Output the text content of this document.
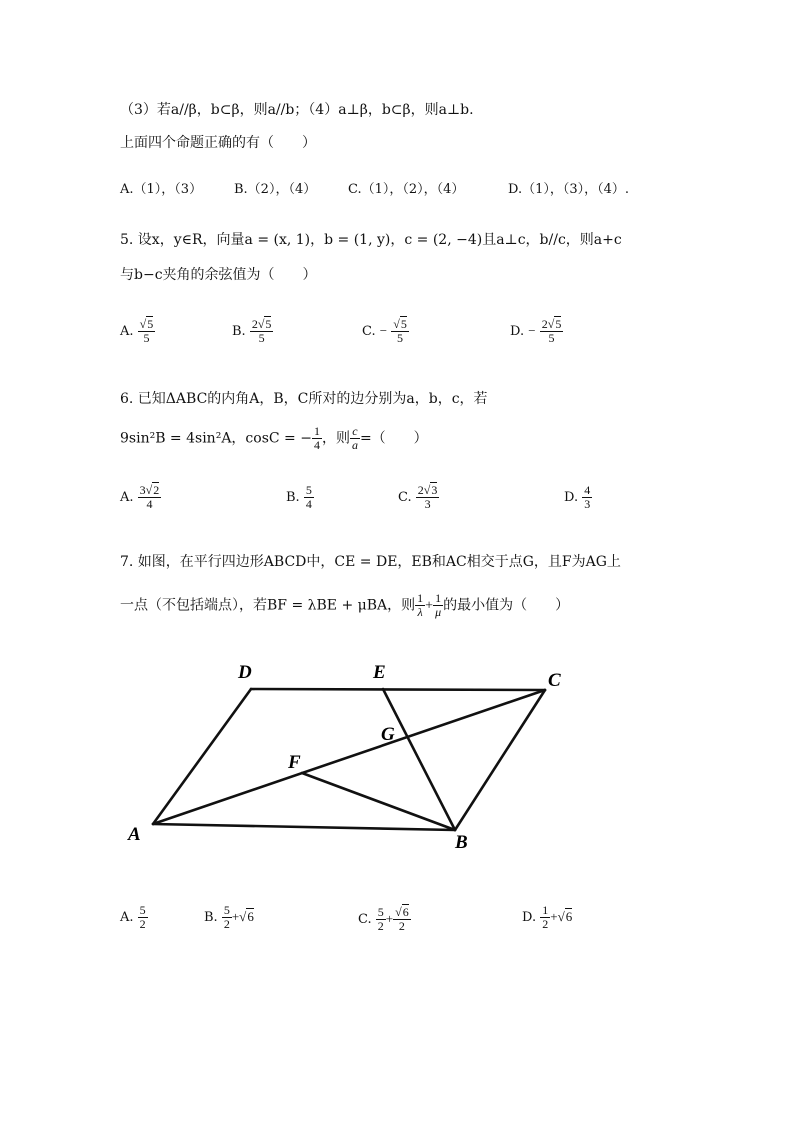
（3）若a//β，b⊂β，则a//b；（4）a⊥β，b⊂β，则a⊥b.
上面四个命题正确的有（　　）
A.（1），（3） B.（2），（4） C.（1），（2），（4）	D.（1），（3），（4）.
5. 设x，y∈R，向量a = (x, 1)，b = (1, y)，c = (2, −4)且a⊥c，b//c，则a+c
与b−c夹角的余弦值为（　　）
A. $\frac{√5}{5}$	B. $\frac{2√5}{5}$	C. − $\frac{√5}{5}$	D. − $\frac{2√5}{5}$
6. 已知ΔABC的内角A，B，C所对的边分别为a，b，c，若
9sin²B = 4sin²A，cosC = − $\frac{1}{4}$ ，则 $\frac{c}{a}$ =（　　）
A. $\frac{3√2}{4}$	B. $\frac{5}{4}$	C. $\frac{2√3}{3}$	D. $\frac{4}{3}$
7. 如图，在平行四边形ABCD中，CE = DE，EB和AC相交于点G，且F为AG上
一点（不包括端点），若BF = λBE + μBA，则 $\frac{1}{\lambda} + \frac{1}{\mu}$ 的最小值为（　　）
D	E	C
G
F
A	B
A. $\frac{5}{2}$	B. $\frac{5}{2} +√6$	C. $\frac{5}{2} + \frac{√6}{2}$	D. $\frac{1}{2} +√6$
